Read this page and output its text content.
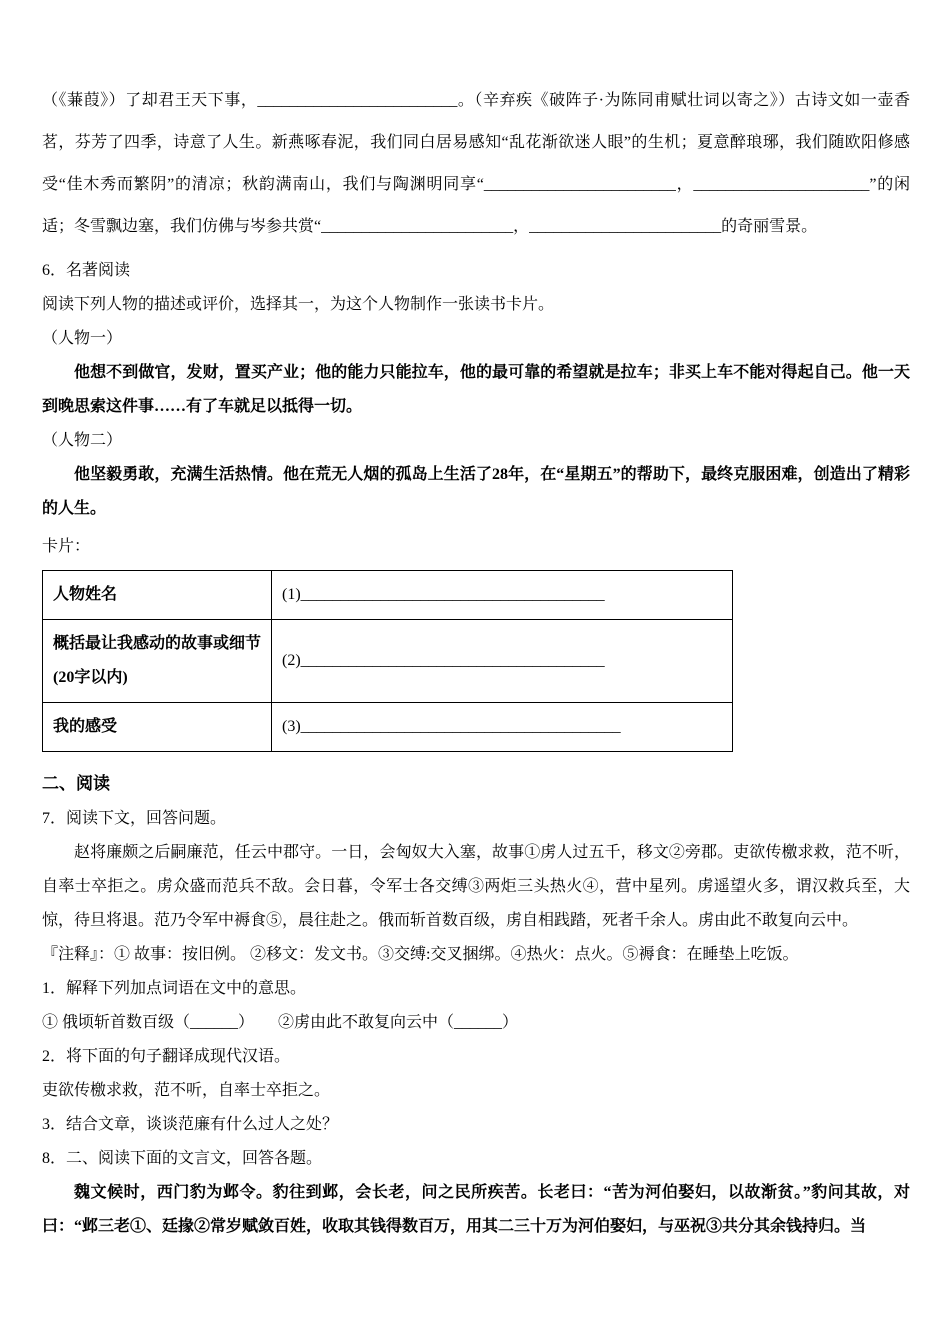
（《蒹葭》）了却君王天下事，_________________________。（辛弃疾《破阵子·为陈同甫赋壮词以寄之》）古诗文如一壶香茗，芬芳了四季，诗意了人生。新燕啄春泥，我们同白居易感知“乱花渐欲迷人眼”的生机；夏意醉琅琊，我们随欧阳修感受“佳木秀而繁阴”的清凉；秋韵满南山，我们与陶渊明同享“________________________，______________________”的闲适；冬雪飘边塞，我们仿佛与岑参共赏“________________________，________________________的奇丽雪景。

6．名著阅读

阅读下列人物的描述或评价，选择其一，为这个人物制作一张读书卡片。

（人物一）

他想不到做官，发财，置买产业；他的能力只能拉车，他的最可靠的希望就是拉车；非买上车不能对得起自己。他一天到晚思索这件事……有了车就足以抵得一切。

（人物二）

他坚毅勇敢，充满生活热情。他在荒无人烟的孤岛上生活了28年，在“星期五”的帮助下，最终克服困难，创造出了精彩的人生。

卡片：

人物姓名	(1)______________________________________
概括最让我感动的故事或细节(20字以内)	(2)______________________________________
我的感受	(3)________________________________________

二、阅读

7．阅读下文，回答问题。

赵将廉颇之后嗣廉范，任云中郡守。一日，会匈奴大入塞，故事①虏人过五千，移文②旁郡。吏欲传檄求救，范不听，自率士卒拒之。虏众盛而范兵不敌。会日暮，令军士各交缚③两炬三头热火④，营中星列。虏遥望火多，谓汉救兵至，大惊，待旦将退。范乃令军中褥食⑤，晨往赴之。俄而斩首数百级，虏自相践踏，死者千余人。虏由此不敢复向云中。

『注释』：① 故事：按旧例。 ②移文：发文书。③交缚:交叉捆绑。④热火：点火。⑤褥食：在睡垫上吃饭。

1．解释下列加点词语在文中的意思。

① 俄顷斩首数百级（______）　　②虏由此不敢复向云中（______）

2．将下面的句子翻译成现代汉语。

吏欲传檄求救，范不听，自率士卒拒之。

3．结合文章，谈谈范廉有什么过人之处？

8．二、阅读下面的文言文，回答各题。

魏文候时，西门豹为邺令。豹往到邺，会长老，问之民所疾苦。长老曰：“苦为河伯娶妇，以故渐贫。”豹问其故，对曰：“邺三老①、廷掾②常岁赋敛百姓，收取其钱得数百万，用其二三十万为河伯娶妇，与巫祝③共分其余钱持归。当
